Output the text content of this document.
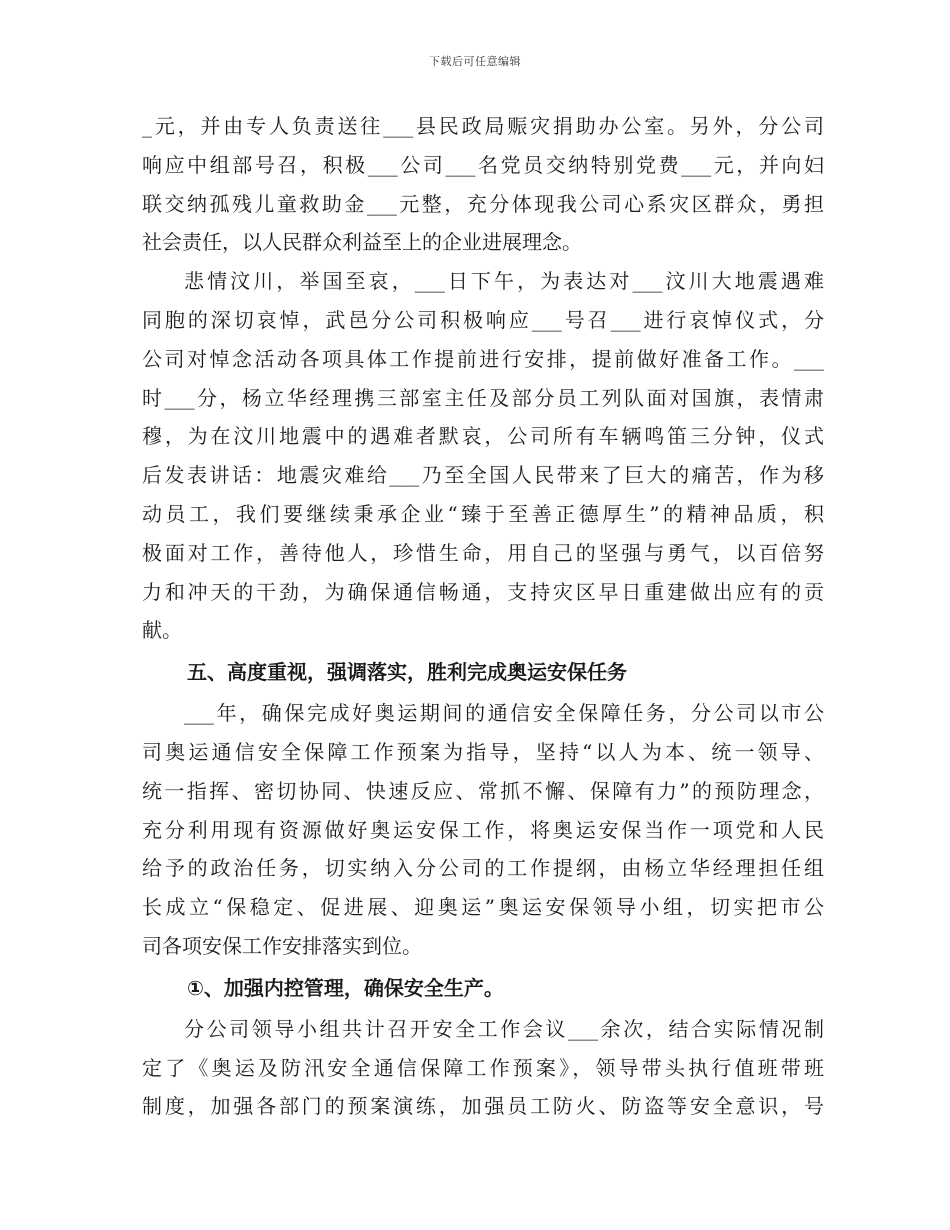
下载后可任意编辑
_元，并由专人负责送往___县民政局赈灾捐助办公室。另外，分公司
响应中组部号召，积极___公司___名党员交纳特别党费___元，并向妇
联交纳孤残儿童救助金___元整，充分体现我公司心系灾区群众，勇担
社会责任，以人民群众利益至上的企业进展理念。
悲情汶川，举国至哀，___日下午，为表达对___汶川大地震遇难
同胞的深切哀悼，武邑分公司积极响应___号召___进行哀悼仪式，分
公司对悼念活动各项具体工作提前进行安排，提前做好准备工作。___
时___分，杨立华经理携三部室主任及部分员工列队面对国旗，表情肃
穆，为在汶川地震中的遇难者默哀，公司所有车辆鸣笛三分钟，仪式
后发表讲话：地震灾难给___乃至全国人民带来了巨大的痛苦，作为移
动员工，我们要继续秉承企业“臻于至善正德厚生”的精神品质，积
极面对工作，善待他人，珍惜生命，用自己的坚强与勇气，以百倍努
力和冲天的干劲，为确保通信畅通，支持灾区早日重建做出应有的贡
献。
五、高度重视，强调落实，胜利完成奥运安保任务
___年，确保完成好奥运期间的通信安全保障任务，分公司以市公
司奥运通信安全保障工作预案为指导，坚持“以人为本、统一领导、
统一指挥、密切协同、快速反应、常抓不懈、保障有力”的预防理念，
充分利用现有资源做好奥运安保工作，将奥运安保当作一项党和人民
给予的政治任务，切实纳入分公司的工作提纲，由杨立华经理担任组
长成立“保稳定、促进展、迎奥运”奥运安保领导小组，切实把市公
司各项安保工作安排落实到位。
①、加强内控管理，确保安全生产。
分公司领导小组共计召开安全工作会议___余次，结合实际情况制
定了《奥运及防汛安全通信保障工作预案》，领导带头执行值班带班
制度，加强各部门的预案演练，加强员工防火、防盗等安全意识，号
